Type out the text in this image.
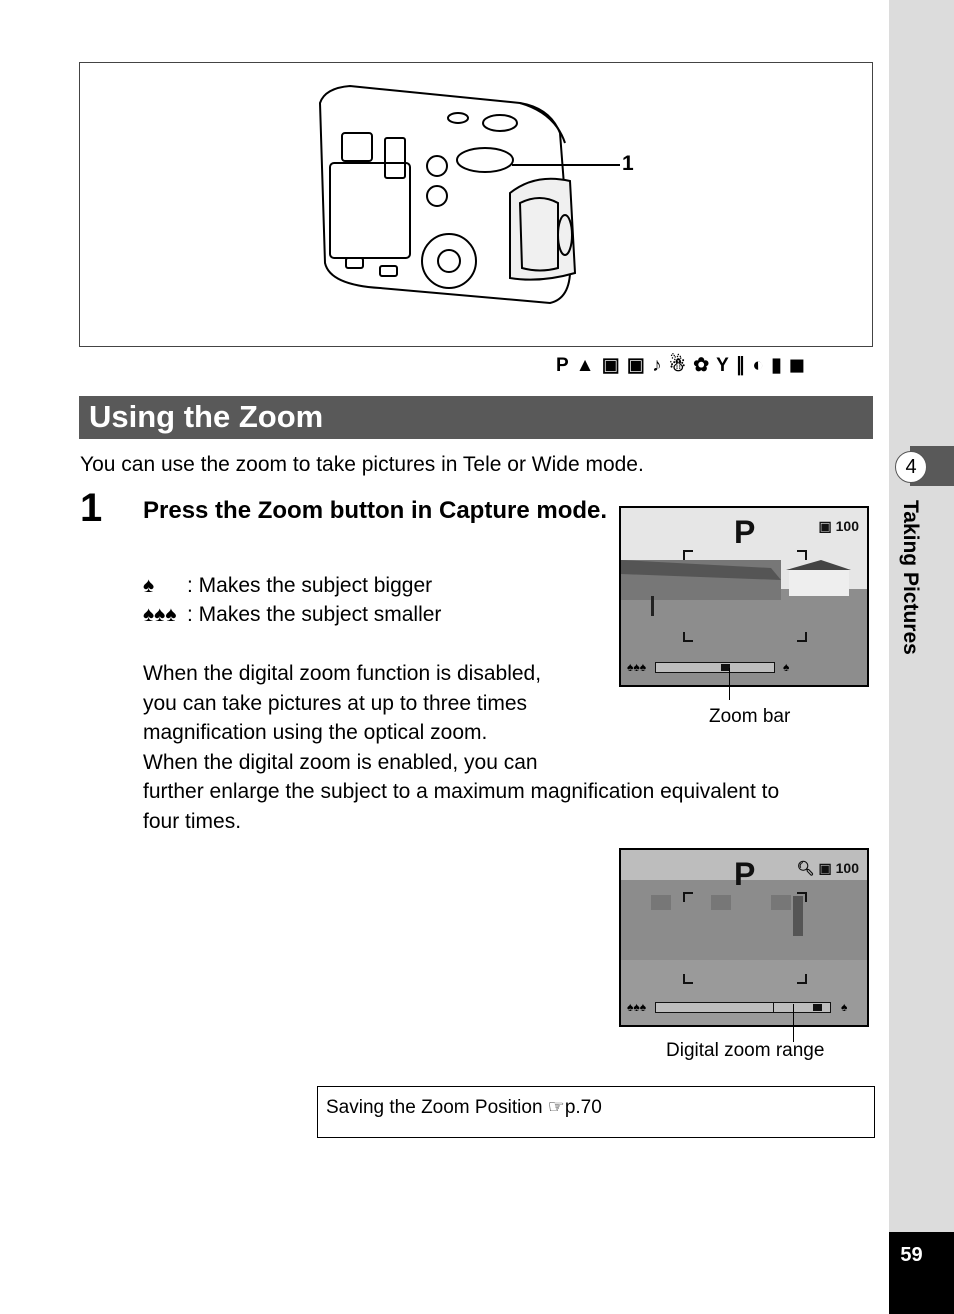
4
Taking Pictures
59
1
P ▲ ▣ ▣ ♪ ☃ ✿ Y ∥ ◐ ▮ ◼
Using the Zoom
You can use the zoom to take pictures in Tele or Wide mode.
1 Press the Zoom button in Capture mode.
♠ : Makes the subject bigger
♠♠♠ : Makes the subject smaller
When the digital zoom function is disabled,
you can take pictures at up to three times
magnification using the optical zoom.
When the digital zoom is enabled, you can
further enlarge the subject to a maximum magnification equivalent to
four times.
P	▣ 100
♠♠♠	♠
Zoom bar
P	🔍︎ ▣ 100
♠♠♠	♠
Digital zoom range
Saving the Zoom Position ☞p.70
